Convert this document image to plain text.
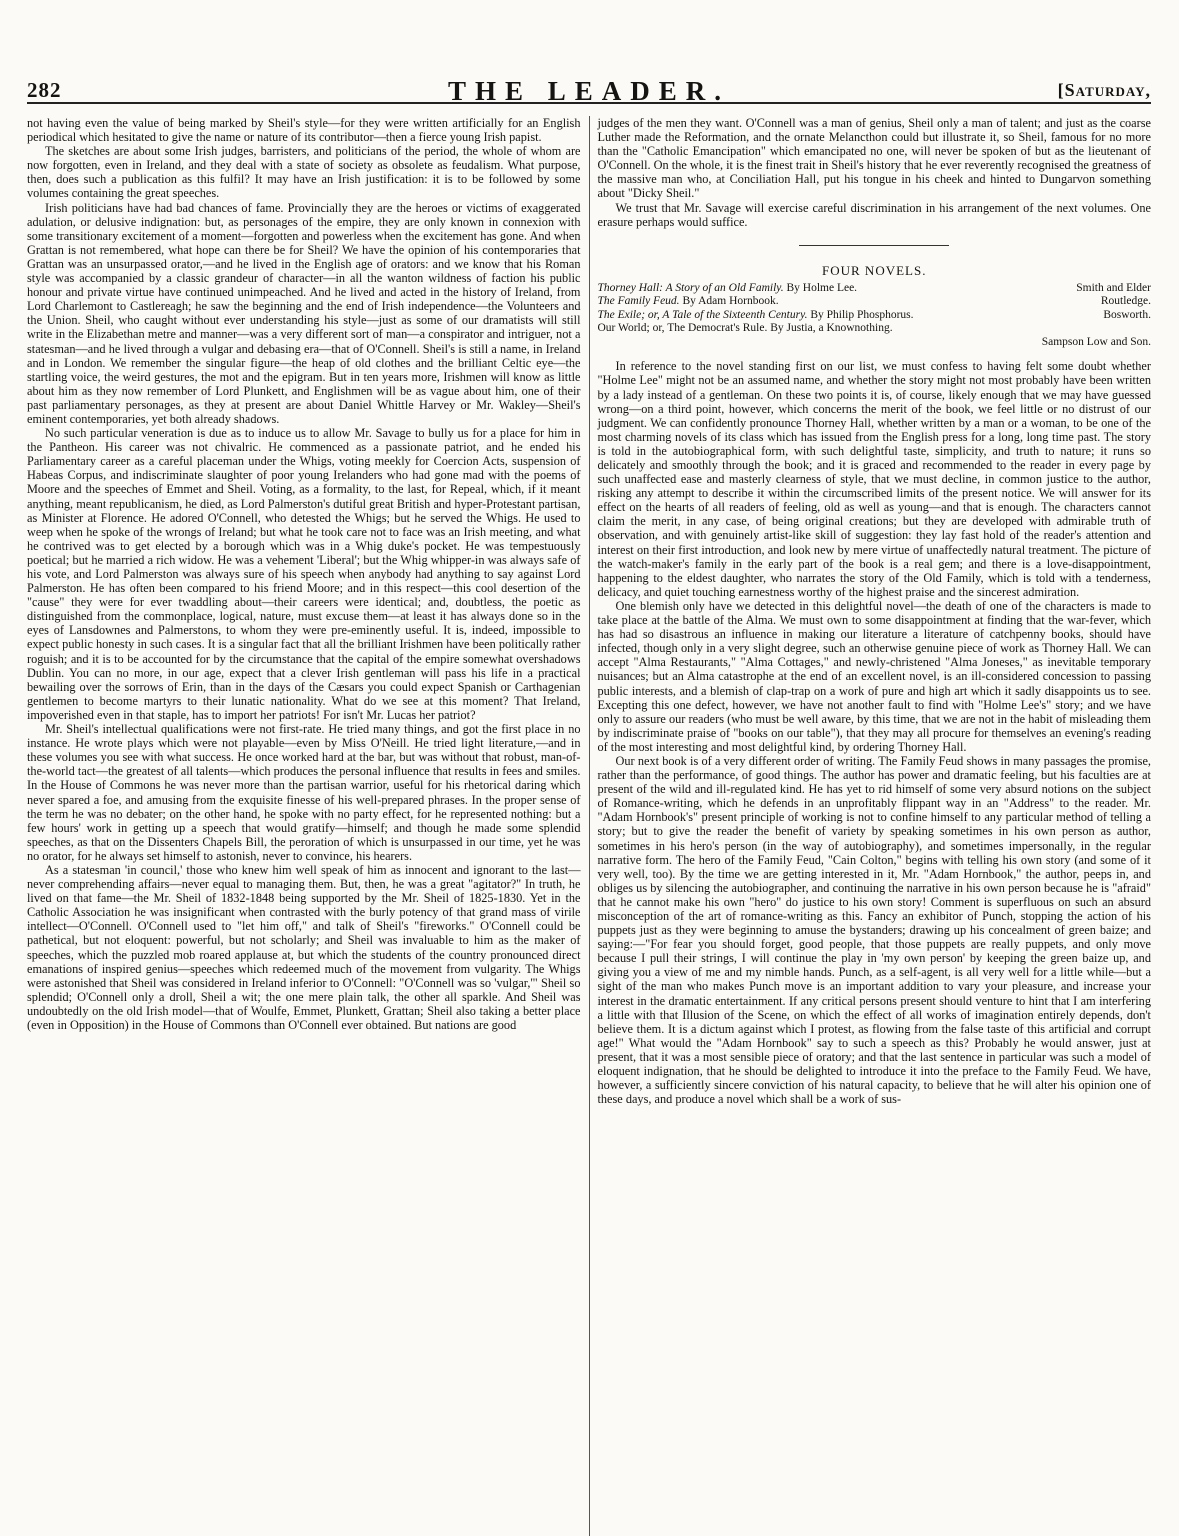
282	THE LEADER.	[Saturday,

not having even the value of being marked by Sheil's style—for they were written artificially for an English periodical which hesitated to give the name or nature of its contributor—then a fierce young Irish papist.

The sketches are about some Irish judges, barristers, and politicians of the period, the whole of whom are now forgotten, even in Ireland, and they deal with a state of society as obsolete as feudalism. What purpose, then, does such a publication as this fulfil? It may have an Irish justification: it is to be followed by some volumes containing the great speeches.

Irish politicians have had bad chances of fame. Provincially they are the heroes or victims of exaggerated adulation, or delusive indignation: but, as personages of the empire, they are only known in connexion with some transitionary excitement of a moment—forgotten and powerless when the excitement has gone. And when Grattan is not remembered, what hope can there be for Sheil? We have the opinion of his contemporaries that Grattan was an unsurpassed orator,—and he lived in the English age of orators: and we know that his Roman style was accompanied by a classic grandeur of character—in all the wanton wildness of faction his public honour and private virtue have continued unimpeached. And he lived and acted in the history of Ireland, from Lord Charlemont to Castlereagh; he saw the beginning and the end of Irish independence—the Volunteers and the Union. Sheil, who caught without ever understanding his style—just as some of our dramatists will still write in the Elizabethan metre and manner—was a very different sort of man—a conspirator and intriguer, not a statesman—and he lived through a vulgar and debasing era—that of O'Connell. Sheil's is still a name, in Ireland and in London. We remember the singular figure—the heap of old clothes and the brilliant Celtic eye—the startling voice, the weird gestures, the mot and the epigram. But in ten years more, Irishmen will know as little about him as they now remember of Lord Plunkett, and Englishmen will be as vague about him, one of their past parliamentary personages, as they at present are about Daniel Whittle Harvey or Mr. Wakley—Sheil's eminent contemporaries, yet both already shadows.

No such particular veneration is due as to induce us to allow Mr. Savage to bully us for a place for him in the Pantheon. His career was not chivalric. He commenced as a passionate patriot, and he ended his Parliamentary career as a careful placeman under the Whigs, voting meekly for Coercion Acts, suspension of Habeas Corpus, and indiscriminate slaughter of poor young Irelanders who had gone mad with the poems of Moore and the speeches of Emmet and Sheil. Voting, as a formality, to the last, for Repeal, which, if it meant anything, meant republicanism, he died, as Lord Palmerston's dutiful great British and hyper-Protestant partisan, as Minister at Florence. He adored O'Connell, who detested the Whigs; but he served the Whigs. He used to weep when he spoke of the wrongs of Ireland; but what he took care not to face was an Irish meeting, and what he contrived was to get elected by a borough which was in a Whig duke's pocket. He was tempestuously poetical; but he married a rich widow. He was a vehement 'Liberal'; but the Whig whipper-in was always safe of his vote, and Lord Palmerston was always sure of his speech when anybody had anything to say against Lord Palmerston. He has often been compared to his friend Moore; and in this respect—this cool desertion of the "cause" they were for ever twaddling about—their careers were identical; and, doubtless, the poetic as distinguished from the commonplace, logical, nature, must excuse them—at least it has always done so in the eyes of Lansdownes and Palmerstons, to whom they were pre-eminently useful. It is, indeed, impossible to expect public honesty in such cases. It is a singular fact that all the brilliant Irishmen have been politically rather roguish; and it is to be accounted for by the circumstance that the capital of the empire somewhat overshadows Dublin. You can no more, in our age, expect that a clever Irish gentleman will pass his life in a practical bewailing over the sorrows of Erin, than in the days of the Cæsars you could expect Spanish or Carthagenian gentlemen to become martyrs to their lunatic nationality. What do we see at this moment? That Ireland, impoverished even in that staple, has to import her patriots! For isn't Mr. Lucas her patriot?

Mr. Sheil's intellectual qualifications were not first-rate. He tried many things, and got the first place in no instance. He wrote plays which were not playable—even by Miss O'Neill. He tried light literature,—and in these volumes you see with what success. He once worked hard at the bar, but was without that robust, man-of-the-world tact—the greatest of all talents—which produces the personal influence that results in fees and smiles. In the House of Commons he was never more than the partisan warrior, useful for his rhetorical daring which never spared a foe, and amusing from the exquisite finesse of his well-prepared phrases. In the proper sense of the term he was no debater; on the other hand, he spoke with no party effect, for he represented nothing: but a few hours' work in getting up a speech that would gratify—himself; and though he made some splendid speeches, as that on the Dissenters Chapels Bill, the peroration of which is unsurpassed in our time, yet he was no orator, for he always set himself to astonish, never to convince, his hearers.

As a statesman 'in council,' those who knew him well speak of him as innocent and ignorant to the last—never comprehending affairs—never equal to managing them. But, then, he was a great "agitator?" In truth, he lived on that fame—the Mr. Sheil of 1832-1848 being supported by the Mr. Sheil of 1825-1830. Yet in the Catholic Association he was insignificant when contrasted with the burly potency of that grand mass of virile intellect—O'Connell. O'Connell used to "let him off," and talk of Sheil's "fireworks." O'Connell could be pathetical, but not eloquent: powerful, but not scholarly; and Sheil was invaluable to him as the maker of speeches, which the puzzled mob roared applause at, but which the students of the country pronounced direct emanations of inspired genius—speeches which redeemed much of the movement from vulgarity. The Whigs were astonished that Sheil was considered in Ireland inferior to O'Connell: "O'Connell was so 'vulgar,'" Sheil so splendid; O'Connell only a droll, Sheil a wit; the one mere plain talk, the other all sparkle. And Sheil was undoubtedly on the old Irish model—that of Woulfe, Emmet, Plunkett, Grattan; Sheil also taking a better place (even in Opposition) in the House of Commons than O'Connell ever obtained. But nations are good

judges of the men they want. O'Connell was a man of genius, Sheil only a man of talent; and just as the coarse Luther made the Reformation, and the ornate Melancthon could but illustrate it, so Sheil, famous for no more than the "Catholic Emancipation" which emancipated no one, will never be spoken of but as the lieutenant of O'Connell. On the whole, it is the finest trait in Sheil's history that he ever reverently recognised the greatness of the massive man who, at Conciliation Hall, put his tongue in his cheek and hinted to Dungarvon something about "Dicky Sheil."

We trust that Mr. Savage will exercise careful discrimination in his arrangement of the next volumes. One erasure perhaps would suffice.

FOUR NOVELS.
Thorney Hall: A Story of an Old Family. By Holme Lee.	Smith and Elder
The Family Feud. By Adam Hornbook.	Routledge.
The Exile; or, A Tale of the Sixteenth Century. By Philip Phosphorus.	Bosworth.
Our World; or, The Democrat's Rule. By Justia, a Knownothing.
Sampson Low and Son.

In reference to the novel standing first on our list, we must confess to having felt some doubt whether "Holme Lee" might not be an assumed name, and whether the story might not most probably have been written by a lady instead of a gentleman. On these two points it is, of course, likely enough that we may have guessed wrong—on a third point, however, which concerns the merit of the book, we feel little or no distrust of our judgment. We can confidently pronounce Thorney Hall, whether written by a man or a woman, to be one of the most charming novels of its class which has issued from the English press for a long, long time past. The story is told in the autobiographical form, with such delightful taste, simplicity, and truth to nature; it runs so delicately and smoothly through the book; and it is graced and recommended to the reader in every page by such unaffected ease and masterly clearness of style, that we must decline, in common justice to the author, risking any attempt to describe it within the circumscribed limits of the present notice. We will answer for its effect on the hearts of all readers of feeling, old as well as young—and that is enough. The characters cannot claim the merit, in any case, of being original creations; but they are developed with admirable truth of observation, and with genuinely artist-like skill of suggestion: they lay fast hold of the reader's attention and interest on their first introduction, and look new by mere virtue of unaffectedly natural treatment. The picture of the watch-maker's family in the early part of the book is a real gem; and there is a love-disappointment, happening to the eldest daughter, who narrates the story of the Old Family, which is told with a tenderness, delicacy, and quiet touching earnestness worthy of the highest praise and the sincerest admiration.

One blemish only have we detected in this delightful novel—the death of one of the characters is made to take place at the battle of the Alma. We must own to some disappointment at finding that the war-fever, which has had so disastrous an influence in making our literature a literature of catchpenny books, should have infected, though only in a very slight degree, such an otherwise genuine piece of work as Thorney Hall. We can accept "Alma Restaurants," "Alma Cottages," and newly-christened "Alma Joneses," as inevitable temporary nuisances; but an Alma catastrophe at the end of an excellent novel, is an ill-considered concession to passing public interests, and a blemish of clap-trap on a work of pure and high art which it sadly disappoints us to see. Excepting this one defect, however, we have not another fault to find with "Holme Lee's" story; and we have only to assure our readers (who must be well aware, by this time, that we are not in the habit of misleading them by indiscriminate praise of "books on our table"), that they may all procure for themselves an evening's reading of the most interesting and most delightful kind, by ordering Thorney Hall.

Our next book is of a very different order of writing. The Family Feud shows in many passages the promise, rather than the performance, of good things. The author has power and dramatic feeling, but his faculties are at present of the wild and ill-regulated kind. He has yet to rid himself of some very absurd notions on the subject of Romance-writing, which he defends in an unprofitably flippant way in an "Address" to the reader. Mr. "Adam Hornbook's" present principle of working is not to confine himself to any particular method of telling a story; but to give the reader the benefit of variety by speaking sometimes in his own person as author, sometimes in his hero's person (in the way of autobiography), and sometimes impersonally, in the regular narrative form. The hero of the Family Feud, "Cain Colton," begins with telling his own story (and some of it very well, too). By the time we are getting interested in it, Mr. "Adam Hornbook," the author, peeps in, and obliges us by silencing the autobiographer, and continuing the narrative in his own person because he is "afraid" that he cannot make his own "hero" do justice to his own story! Comment is superfluous on such an absurd misconception of the art of romance-writing as this. Fancy an exhibitor of Punch, stopping the action of his puppets just as they were beginning to amuse the bystanders; drawing up his concealment of green baize; and saying:—"For fear you should forget, good people, that those puppets are really puppets, and only move because I pull their strings, I will continue the play in 'my own person' by keeping the green baize up, and giving you a view of me and my nimble hands. Punch, as a self-agent, is all very well for a little while—but a sight of the man who makes Punch move is an important addition to vary your pleasure, and increase your interest in the dramatic entertainment. If any critical persons present should venture to hint that I am interfering a little with that Illusion of the Scene, on which the effect of all works of imagination entirely depends, don't believe them. It is a dictum against which I protest, as flowing from the false taste of this artificial and corrupt age!" What would the "Adam Hornbook" say to such a speech as this? Probably he would answer, just at present, that it was a most sensible piece of oratory; and that the last sentence in particular was such a model of eloquent indignation, that he should be delighted to introduce it into the preface to the Family Feud. We have, however, a sufficiently sincere conviction of his natural capacity, to believe that he will alter his opinion one of these days, and produce a novel which shall be a work of sus-
